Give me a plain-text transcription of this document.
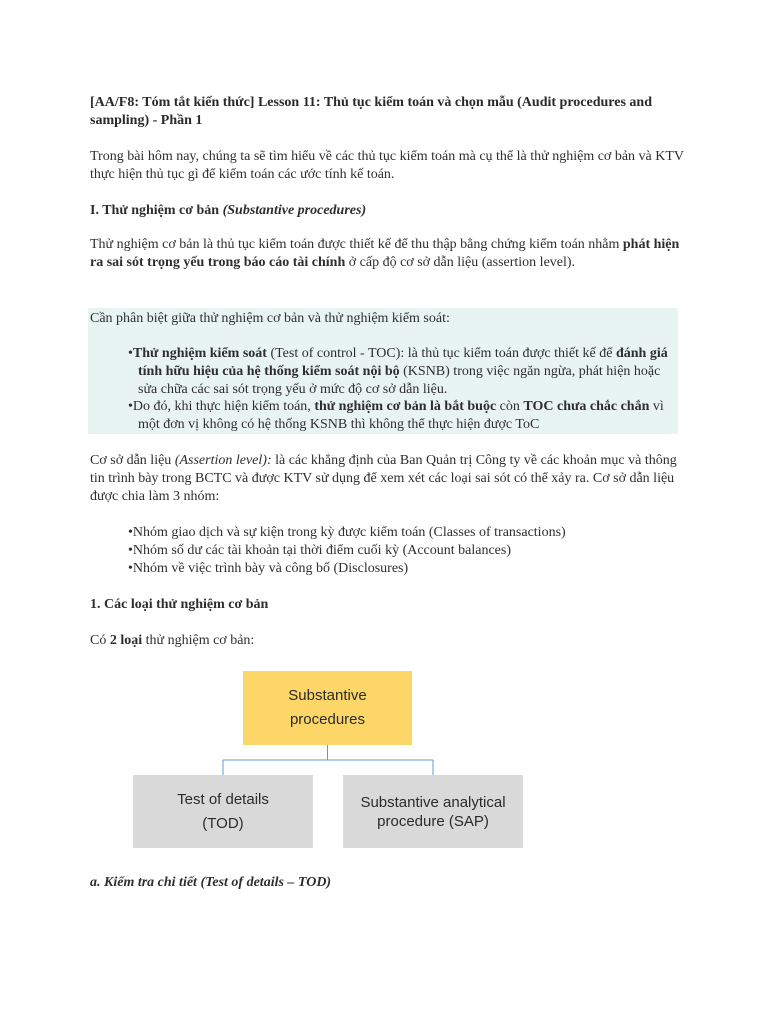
[AA/F8: Tóm tắt kiến thức] Lesson 11: Thủ tục kiểm toán và chọn mẫu (Audit procedures and sampling) - Phần 1
Trong bài hôm nay, chúng ta sẽ tìm hiểu về các thủ tục kiểm toán mà cụ thể là thử nghiệm cơ bản và KTV thực hiện thủ tục gì để kiểm toán các ước tính kế toán.
I. Thử nghiệm cơ bản (Substantive procedures)
Thử nghiệm cơ bản là thủ tục kiểm toán được thiết kế để thu thập bằng chứng kiểm toán nhằm phát hiện ra sai sót trọng yếu trong báo cáo tài chính ở cấp độ cơ sở dẫn liệu (assertion level).
Cần phân biệt giữa thử nghiệm cơ bản và thử nghiệm kiểm soát:
•Thử nghiệm kiểm soát (Test of control - TOC): là thủ tục kiểm toán được thiết kế để đánh giá tính hữu hiệu của hệ thống kiểm soát nội bộ (KSNB) trong việc ngăn ngừa, phát hiện hoặc sửa chữa các sai sót trọng yếu ở mức độ cơ sở dẫn liệu.
•Do đó, khi thực hiện kiểm toán, thử nghiệm cơ bản là bắt buộc còn TOC chưa chắc chắn vì một đơn vị không có hệ thống KSNB thì không thể thực hiện được ToC
Cơ sở dẫn liệu (Assertion level): là các khẳng định của Ban Quản trị Công ty về các khoản mục và thông tin trình bày trong BCTC và được KTV sử dụng để xem xét các loại sai sót có thể xảy ra. Cơ sở dẫn liệu được chia làm 3 nhóm:
•Nhóm giao dịch và sự kiện trong kỳ được kiểm toán (Classes of transactions)
•Nhóm số dư các tài khoản tại thời điểm cuối kỳ (Account balances)
•Nhóm về việc trình bày và công bố (Disclosures)
1. Các loại thử nghiệm cơ bản
Có 2 loại thử nghiệm cơ bản:
Substantive
procedures
Test of details
(TOD)
Substantive analytical
procedure (SAP)
a. Kiểm tra chi tiết (Test of details – TOD)
